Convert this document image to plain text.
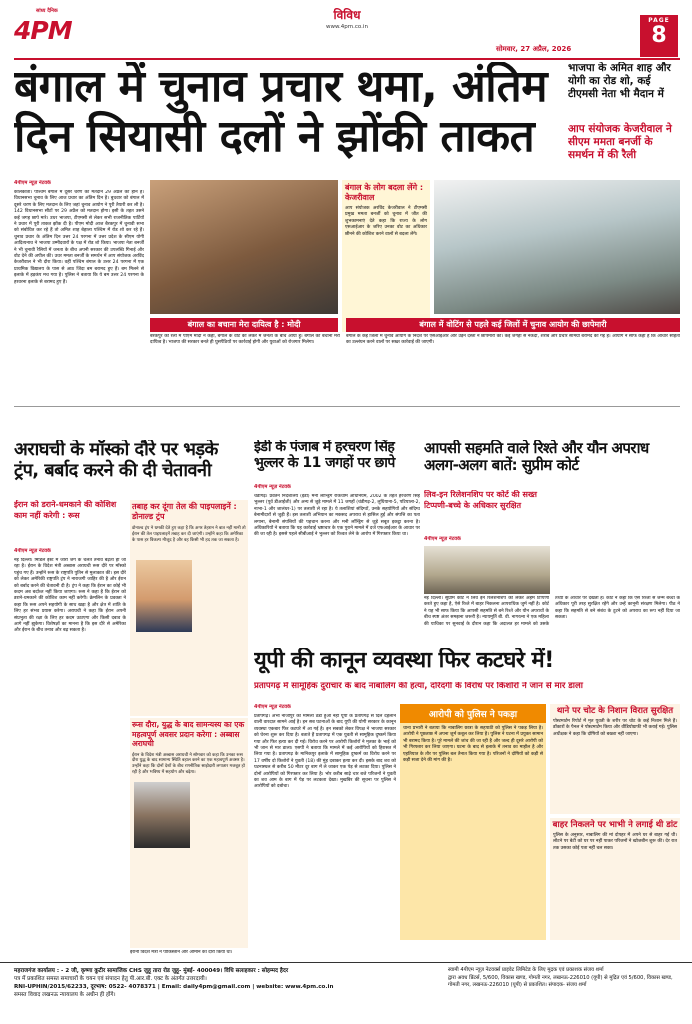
सांध्य दैनिक
4PM
विविध
www.4pm.co.in
सोमवार, 27 अप्रैल, 2026
PAGE
8
बंगाल में चुनाव प्रचार थमा, अंतिम दिन सियासी दलों ने झोंकी ताकत
भाजपा के अमित शाह और योगी का रोड शो, कई टीएमसी नेता भी मैदान में
आप संयोजक केजरीवाल ने सीएम ममता बनर्जी के समर्थन में की रैली
4पीएम न्यूज़ नेटवर्क
कोलकाता। पश्चिम बंगाल में दूसरे चरण का मतदान 29 अप्रैल को होने है। विधानसभा चुनाव के लिए आज प्रचार का अंतिम दिन है। बुधवार को बंगाल में दूसरे चरण के लिए मतदान के लिए जहां चुनाव आयोग ने पूरी तैयारी कर ली है। 142 विधानसभा सीटों पर 29 अप्रैल को मतदान होगा। इसी के तहत उसने कई जगह छापे मारे। उधर भाजपा, टीएमसी से लेकर सभी राजनीतिक पार्टियों ने प्रचार में पूरी ताकत झोंक दी है। पीएम मोदी आज बैरकपुर में चुनावी सभा को संबोधित कर रहे हैं तो अमित शाह बेहाला पश्चिम में रोड शो कर रहे हैं। चुनाव प्रचार के अंतिम दिन उत्तर 24 परगना में उत्तर प्रदेश के सीएम योगी आदित्यनाथ ने भाजपा उम्मीदवारों के पक्ष में रोड शो किया। भाजपा नेता बनर्जी ने भी चुनावी रैलियों में जनता के बीच अपनी सरकार की उपलब्धि गिनाई और वोट देने की अपील की। उधर ममता बनर्जी के समर्थन में आप संयोजक अरविंद केजरीवाल ने भी दौरा किया। वहीं पश्चिम बंगाल के उत्तर 24 परगना में एक प्राथमिक विद्यालय के पास से आठ जिंदा बम बरामद हुए हैं। बम मिलने से इलाके में हड़कंप मच गया है। पुलिस ने बताया कि ये बम उत्तर 24 परगना के हरवरना इलाके से बरामद हुए हैं।
बंगाल के लोग बदला लेंगे : केजरीवाल
आप संयोजक अरविंद केजरीवाल ने टीएमसी प्रमुख ममता बनर्जी को चुनाव में जीत की शुभकामनाएं देते कहा कि राज्य के लोग एसआईआर के जरिए उनका वोट का अधिकार छीनने की कोशिश करने वालों से बदला लेंगे।
बंगाल का बचाना मेरा दायित्व है : मोदी
बैरकपुर की रैली में पीएम मोदी ने कहा, बंगाल के वोट को लेकर मैं जनता के बीच आया हूं। बंगाल को बचाना मेरा दायित्व है। भाजपा की सरकार बनते ही घुसपैठियों पर कार्रवाई होगी और युवाओं को रोजगार मिलेगा।
बंगाल में वोटिंग से पहले कई जिलों में चुनाव आयोग की छापेमारी
बंगाल के कई जिलों में चुनाव आयोग के निर्देश पर एसआईआर और उड़न दस्तों ने छापेमारी की। कई जगहों से नकदी, शराब और प्रचार सामग्री बरामद की गई है। आयोग ने साफ कहा है कि आचार संहिता का उल्लंघन करने वालों पर सख्त कार्रवाई की जाएगी।
अराघची के मॉस्को दौरे पर भड़के ट्रंप, बर्बाद करने की दी चेतावनी
ईरान को डराने-धमकाने की कोशिश काम नहीं करेगी : रूस
4पीएम न्यूज़ नेटवर्क
नई दिल्ली। मिडिल ईस्ट में जारी जंग के चलते तनाव बढ़ता ही जा रहा है। ईरान के विदेश मंत्री अब्बास अराघची रूस दौरे पर मॉस्को पहुंच गए हैं। उन्होंने रूस के राष्ट्रपति पुतिन से मुलाकात की। इस दौरे को लेकर अमेरिकी राष्ट्रपति ट्रंप ने नाराजगी जाहिर की है और ईरान को बर्बाद करने की चेतावनी दी है। ट्रंप ने कहा कि ईरान का कोई भी कदम अब बर्दाश्त नहीं किया जाएगा। रूस ने कहा है कि ईरान को डराने-धमकाने की कोशिश काम नहीं करेगी। क्रेमलिन के प्रवक्ता ने कहा कि रूस अपने सहयोगी के साथ खड़ा है और क्षेत्र में शांति के लिए हर संभव प्रयास करेगा। अराघची ने कहा कि ईरान अपनी संप्रभुता की रक्षा के लिए हर कदम उठाएगा और किसी दबाव के आगे नहीं झुकेगा। विशेषज्ञों का मानना है कि इस दौरे से अमेरिका और ईरान के बीच तनाव और बढ़ सकता है।
तबाह कर दूंगा तेल की पाइपलाइनें : डोनाल्ड ट्रंप
डोनाल्ड ट्रंप ने धमकी देते हुए कहा है कि अगर तेहरान ने बात नहीं मानी तो ईरान की तेल पाइपलाइनें तबाह कर दी जाएंगी। उन्होंने कहा कि अमेरिका के पास हर विकल्प मौजूद है और वह किसी भी हद तक जा सकता है।
रूस दौरा, युद्ध के बाद सामन्यस्य का एक महत्वपूर्ण अवसर प्रदान करेगा : अब्बास अराघची
ईरान के विदेश मंत्री अब्बास अराघची ने सोमवार को कहा कि उनका रूस दौरा युद्ध के बाद सामान्य स्थिति बहाल करने का एक महत्वपूर्ण अवसर है। उन्होंने कहा कि दोनों देशों के बीच रणनीतिक साझेदारी लगातार मजबूत हो रही है और भविष्य में सहयोग और बढ़ेगा।
ईरानी विदेश मंत्री ने पाकिस्तान और ओमान का दौरा किया था।
ईडी के पंजाब में हरचरण सिंह भुल्लर के 11 जगहों पर छापे
4पीएम न्यूज़ नेटवर्क
चंडीगढ़। प्रवर्तन निदेशालय (ईडी) मनी लॉन्ड्रिंग रोकथाम अधिनियम, 2002 के तहत हरचरण सिंह भुल्लर (पूर्व डीआईजी) और अन्य से जुड़े मामले में 11 जगहों (चंडीगढ़-2, लुधियाना-5, पटियाला-2, नाभा-1 और जालंधर-1) पर तलाशी ले रहा है। ये तलाशियां संदिग्धों, उनके सहयोगियों और संदिग्ध बेनामीदारों से जुड़ी हैं। इस तलाशी अभियान का मकसद अपराध से हासिल हुई और संपत्ति का पता लगाना, बेनामी संपत्तियों की पहचान करना और मनी लॉन्ड्रिंग से जुड़े सबूत इकट्ठा करना है। अधिकारियों ने बताया कि यह कार्रवाई भ्रष्टाचार के एक पुराने मामले में दर्ज एफआईआर के आधार पर की जा रही है। इससे पहले सीबीआई ने भुल्लर को रिश्वत लेने के आरोप में गिरफ्तार किया था।
आपसी सहमति वाले रिश्ते और यौन अपराध अलग-अलग बातें: सुप्रीम कोर्ट
लिव-इन रिलेशनशिप पर कोर्ट की सख्त टिप्पणी-बच्चे के अधिकार सुरक्षित
4पीएम न्यूज़ नेटवर्क
नई दिल्ली। सुप्रीम कोर्ट ने लिव इन रिलेशनशिप को लेकर अहम टिप्पणी करते हुए कहा है, ऐसे रिश्ते में बाहर निकलना आपराधिक जुर्म नहीं है। कोर्ट ने यह भी साफ किया कि आपसी सहमति से बने रिश्ते और यौन अपराधों के बीच स्पष्ट अंतर समझना जरूरी है। न्यायमूर्ति बी. वी. नागरत्ना ने एक महिला की याचिका पर सुनवाई के दौरान कहा कि अदालत हर मामले को उसके तथ्यों के आधार पर देखती है। कोर्ट ने कहा कि ऐसे रिश्तों से जन्मे बच्चों के अधिकार पूरी तरह सुरक्षित रहेंगे और उन्हें कानूनी संरक्षण मिलेगा। पीठ ने कहा कि सहमति से बने संबंध के टूटने को अपराध का रूप नहीं दिया जा सकता।
यूपी की कानून व्यवस्था फिर कटघरे में!
प्रतापगढ़ में सामूहिक दुराचार के बाद नाबालिग की हत्या, दरिंदगी के विरोध पर किशोरों ने जान से मार डाला
4पीएम न्यूज़ नेटवर्क
प्रतापगढ़। अभी नाजीपुर का मामला ठंडा हुआ नहीं यूपी के प्रतापगढ़ से दिल दहलाने वाली वारदात सामने आई है। इन सब घटनाओं के बाद यूपी की योगी सरकार के कानून व्यवस्था एकबार फिर कटघरे में आ गई है। इन सबको लेकर विपक्ष ने भाजपा सरकार को घेरना शुरू कर दिया है। बताते हैं प्रतापगढ़ में एक युवती से सामूहिक दुष्कर्म किया गया और फिर हत्या कर दी गई। विरोध करने पर आरोपी किशोरों ने मृतका के भाई को भी जान से मार डाला। एसपी ने बताया कि मामले में कई आरोपियों को हिरासत में लिया गया है। प्रतापगढ़ के मानिकपुर इलाके में सामूहिक दुष्कर्म का विरोध करने पर 17 वर्षीय दो किशोरों ने युवती (18) की मुंह दबाकर हत्या कर दी। इसके बाद शव को घटनास्थल से करीब 50 मीटर दूर बाग में ले जाकर एक पेड़ से लटका दिया। पुलिस ने दोनों आरोपियों को गिरफ्तार कर लिया है। भोर करीब साढ़े चार बजे परिजनों ने युवती का शव आम के बाग में पेड़ पर लटकता देखा। मुखबिर की सूचना पर पुलिस ने आरोपियों को दबोचा।
आरोपी को पुलिस ने पकड़ा
थाना प्रभारी ने बताया कि नाबालिग छात्रा के सहपाठी को पुलिस ने पकड़ लिया है। आरोपी ने पूछताछ में अपना जुर्म कबूल कर लिया है। पुलिस ने घटना में प्रयुक्त सामान भी बरामद किया है। पूरे मामले की जांच की जा रही है और जल्द ही दूसरे आरोपी को भी गिरफ्तार कर लिया जाएगा। घटना के बाद से इलाके में तनाव का माहौल है और एहतियात के तौर पर पुलिस बल तैनात किया गया है। परिजनों ने दोषियों को कड़ी से कड़ी सजा देने की मांग की है।
थाने पर चोट के निशान विरात सुरक्षित
पोस्टमार्टम रिपोर्ट में मृत युवती के शरीर पर चोट के कई निशान मिले हैं। डॉक्टरों के पैनल ने पोस्टमार्टम किया और वीडियोग्राफी भी कराई गई। पुलिस अधीक्षक ने कहा कि दोषियों को बख्शा नहीं जाएगा।
बाहर निकलने पर भाभी ने लगाई थी डांट
पुलिस के अनुसार, नाबालिग की मां दोपहर में अपने घर से बाहर गई थी। लौटने पर बेटी को घर पर नहीं पाकर परिजनों ने खोजबीन शुरू की। देर रात तक उसका कोई पता नहीं चल सका।
महराजगंज कार्यालय : - 2 जी, कृष्णा कुटीर सामाजिक CHS जुहू तारा रोड जुहू- मुंबई- 400049। विधि सलाहकार : सोहम्मद हैदर
पत्र में प्रकाशित समस्त समाचारों के चयन एवं संपादन हेतु पी.आर.बी. एक्ट के अंतर्गत उत्तरदायी।
RNI-UPHIN/2015/62233, दूरभाष: 0522- 4078371 | Email: daily4pm@gmail.com | website: www.4pm.co.in
समस्त विवाद लखनऊ न्यायालय के अधीन ही होंगे।
स्वामी 4पीएम न्यूज़ नेटवर्क्स प्राइवेट लिमिटेड के लिए मुद्रक एवं प्रकाशक संजय शर्मा
द्वारा अवध प्रिंटर्स, 5/600, विकास खण्ड, गोमती नगर, लखनऊ-226010 (यूपी) से मुद्रित एवं 5/600, विकास खण्ड, गोमती नगर, लखनऊ-226010 (यूपी) से प्रकाशित। संपादक- संजय शर्मा
